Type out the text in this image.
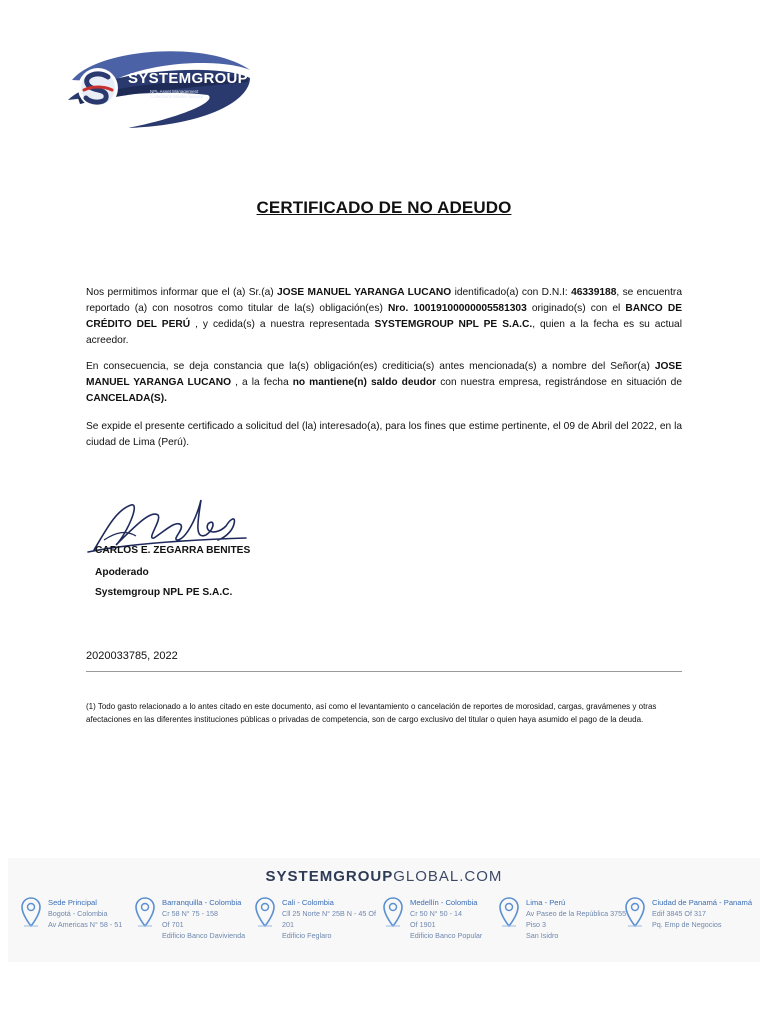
SYSTEMGROUP
NPL Asset Management
Collections Master Service
CERTIFICADO DE NO ADEUDO
Nos permitimos informar que el (a) Sr.(a) JOSE MANUEL YARANGA LUCANO identificado(a) con D.N.I: 46339188, se encuentra reportado (a) con nosotros como titular de la(s) obligación(es) Nro. 10019100000005581303 originado(s) con el BANCO DE CRÉDITO DEL PERÚ , y cedida(s) a nuestra representada SYSTEMGROUP NPL PE S.A.C., quien a la fecha es su actual acreedor.
En consecuencia, se deja constancia que la(s) obligación(es) crediticia(s) antes mencionada(s) a nombre del Señor(a) JOSE MANUEL YARANGA LUCANO , a la fecha no mantiene(n) saldo deudor con nuestra empresa, registrándose en situación de CANCELADA(S).
Se expide el presente certificado a solicitud del (la) interesado(a), para los fines que estime pertinente, el 09 de Abril del 2022, en la ciudad de Lima (Perú).
CARLOS E. ZEGARRA BENITES
Apoderado
Systemgroup NPL PE S.A.C.
2020033785, 2022
(1) Todo gasto relacionado a lo antes citado en este documento, así como el levantamiento o cancelación de reportes de morosidad, cargas, gravámenes y otras afectaciones en las diferentes instituciones públicas o privadas de competencia, son de cargo exclusivo del titular o quien haya asumido el pago de la deuda.
SYSTEMGROUPGLOBAL.COM
Sede Principal
Bogotá - Colombia
Av Americas N° 58 - 51
Barranquilla - Colombia
Cr 58 N° 75 - 158
Of 701
Edificio Banco Davivienda
Cali - Colombia
Cll 25 Norte N° 25B N - 45 Of
201
Edificio Feglaro
Medellín - Colombia
Cr 50 N° 50 - 14
Of 1901
Edificio Banco Popular
Lima - Perú
Av Paseo de la República 3755
Piso 3
San Isidro
Ciudad de Panamá - Panamá
Edif 3845 Of 317
Pq. Emp de Negocios
